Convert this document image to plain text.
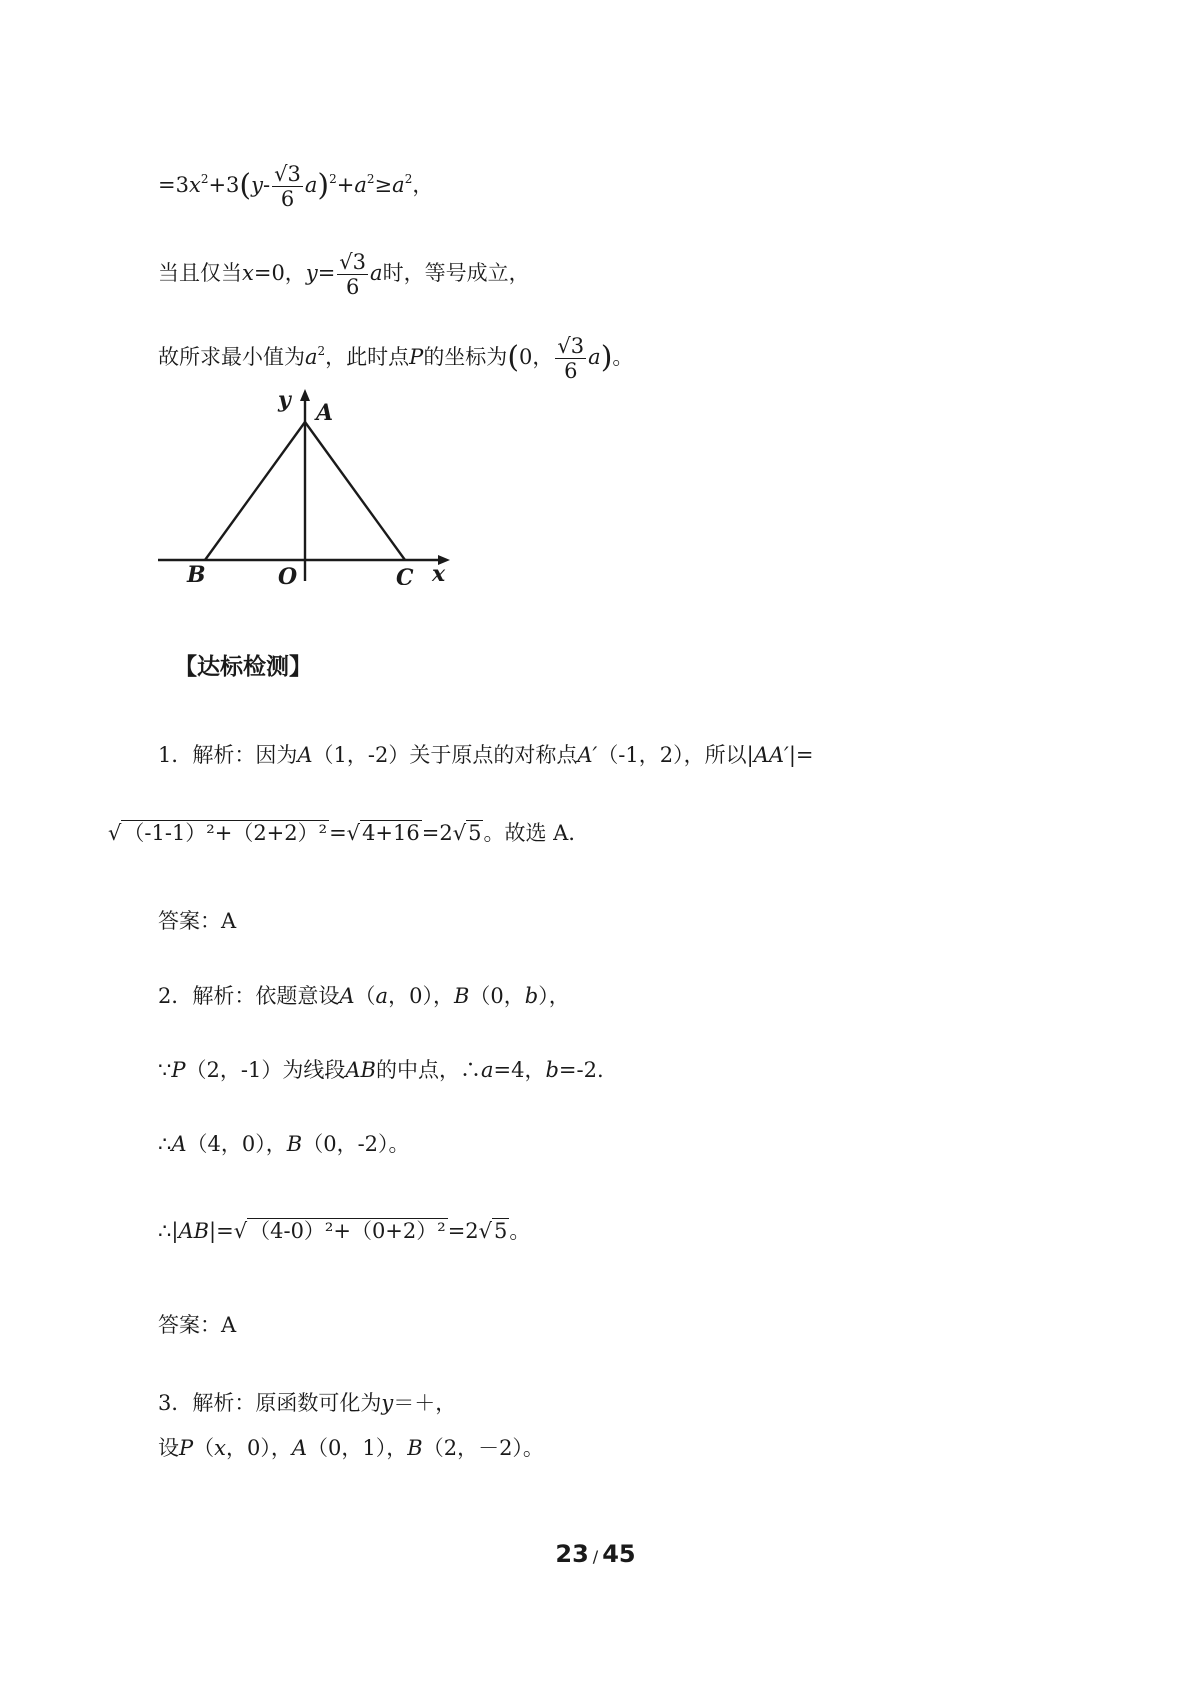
$=3x^2+3(y- \frac{√3}{6} a)^2+a^2\ge a^2$，
当且仅当x=0，$y= \frac{√3}{6}$ a时，等号成立，
故所求最小值为$a^2$，此时点P的坐标为(0， $\frac{√3}{6} a$)。
y A
B	O	C x
【达标检测】
1．解析：因为A（1，-2）关于原点的对称点A′（-1，2），所以|AA′|=
√（-1-1）²+（2+2）²=√4+16=2√5。故选 A．
答案：A
2．解析：依题意设A（a，0），B（0，b），
∵P（2，-1）为线段AB的中点，∴a=4，b=-2.
∴A（4，0），B（0，-2）。
∴|AB|=√（4-0）²+（0+2）²=2√5。
答案：A
3．解析：原函数可化为y＝＋，
设P（x，0），A（0，1），B（2，－2）。
23 / 45
